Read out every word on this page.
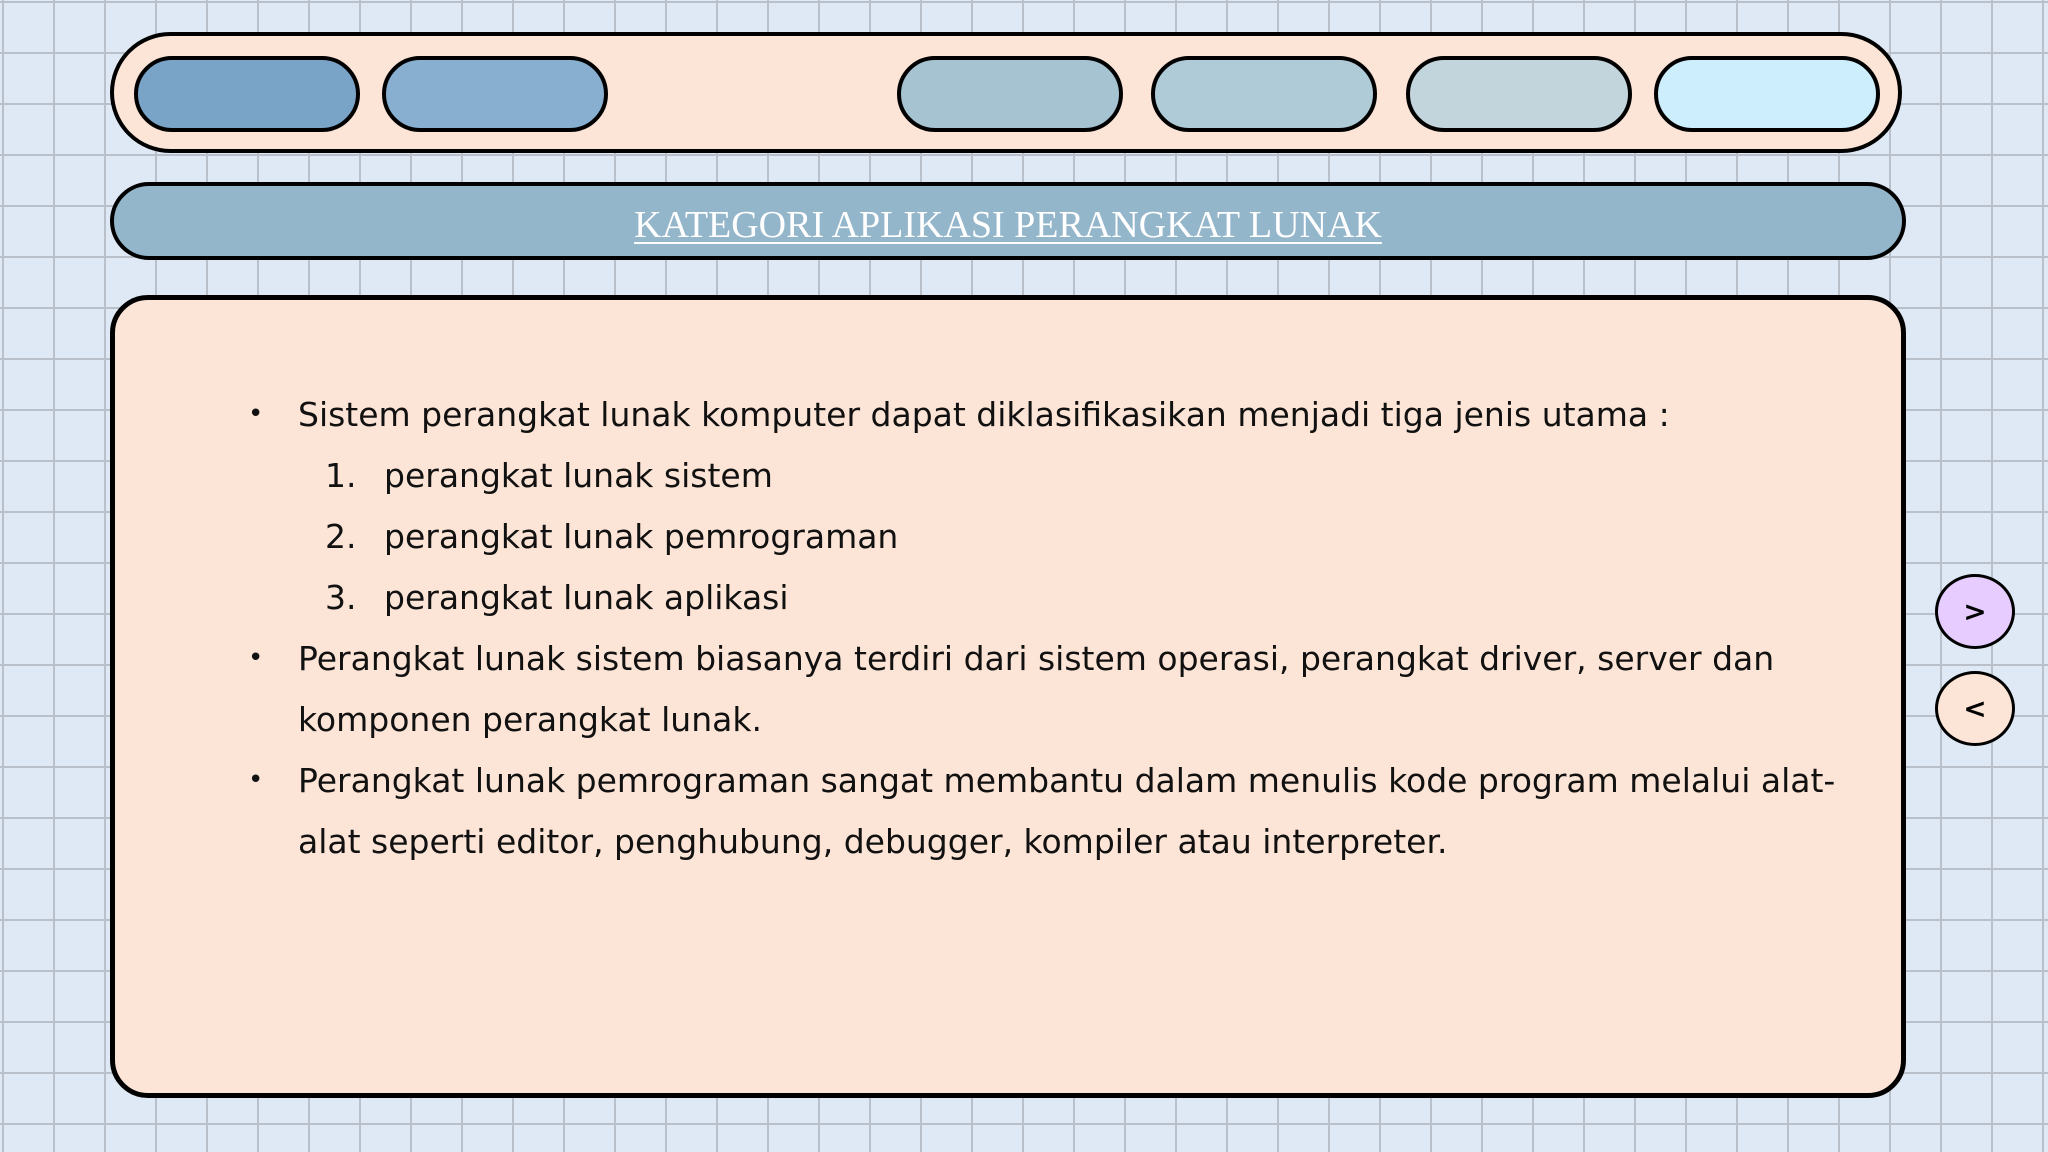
KATEGORI APLIKASI PERANGKAT LUNAK
• Sistem perangkat lunak komputer dapat diklasifikasikan menjadi tiga jenis utama :
1. perangkat lunak sistem
2. perangkat lunak pemrograman
3. perangkat lunak aplikasi
• Perangkat lunak sistem biasanya terdiri dari sistem operasi, perangkat driver, server dan
komponen perangkat lunak.
• Perangkat lunak pemrograman sangat membantu dalam menulis kode program melalui alat-
alat seperti editor, penghubung, debugger, kompiler atau interpreter.
>
<
